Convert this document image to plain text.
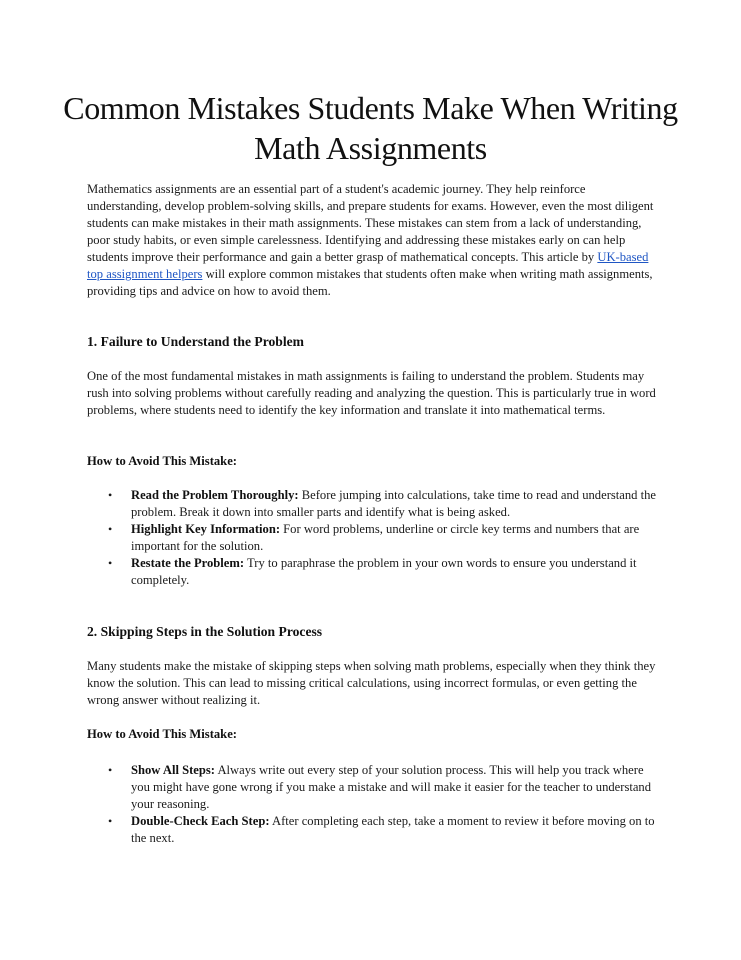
Common Mistakes Students Make When Writing Math Assignments

Mathematics assignments are an essential part of a student's academic journey. They help reinforce understanding, develop problem-solving skills, and prepare students for exams. However, even the most diligent students can make mistakes in their math assignments. These mistakes can stem from a lack of understanding, poor study habits, or even simple carelessness. Identifying and addressing these mistakes early on can help students improve their performance and gain a better grasp of mathematical concepts. This article by UK-based top assignment helpers will explore common mistakes that students often make when writing math assignments, providing tips and advice on how to avoid them.

1. Failure to Understand the Problem

One of the most fundamental mistakes in math assignments is failing to understand the problem. Students may rush into solving problems without carefully reading and analyzing the question. This is particularly true in word problems, where students need to identify the key information and translate it into mathematical terms.

How to Avoid This Mistake:
• Read the Problem Thoroughly: Before jumping into calculations, take time to read and understand the problem. Break it down into smaller parts and identify what is being asked.
• Highlight Key Information: For word problems, underline or circle key terms and numbers that are important for the solution.
• Restate the Problem: Try to paraphrase the problem in your own words to ensure you understand it completely.
2. Skipping Steps in the Solution Process

Many students make the mistake of skipping steps when solving math problems, especially when they think they know the solution. This can lead to missing critical calculations, using incorrect formulas, or even getting the wrong answer without realizing it.

How to Avoid This Mistake:
• Show All Steps: Always write out every step of your solution process. This will help you track where you might have gone wrong if you make a mistake and will make it easier for the teacher to understand your reasoning.
• Double-Check Each Step: After completing each step, take a moment to review it before moving on to the next.
